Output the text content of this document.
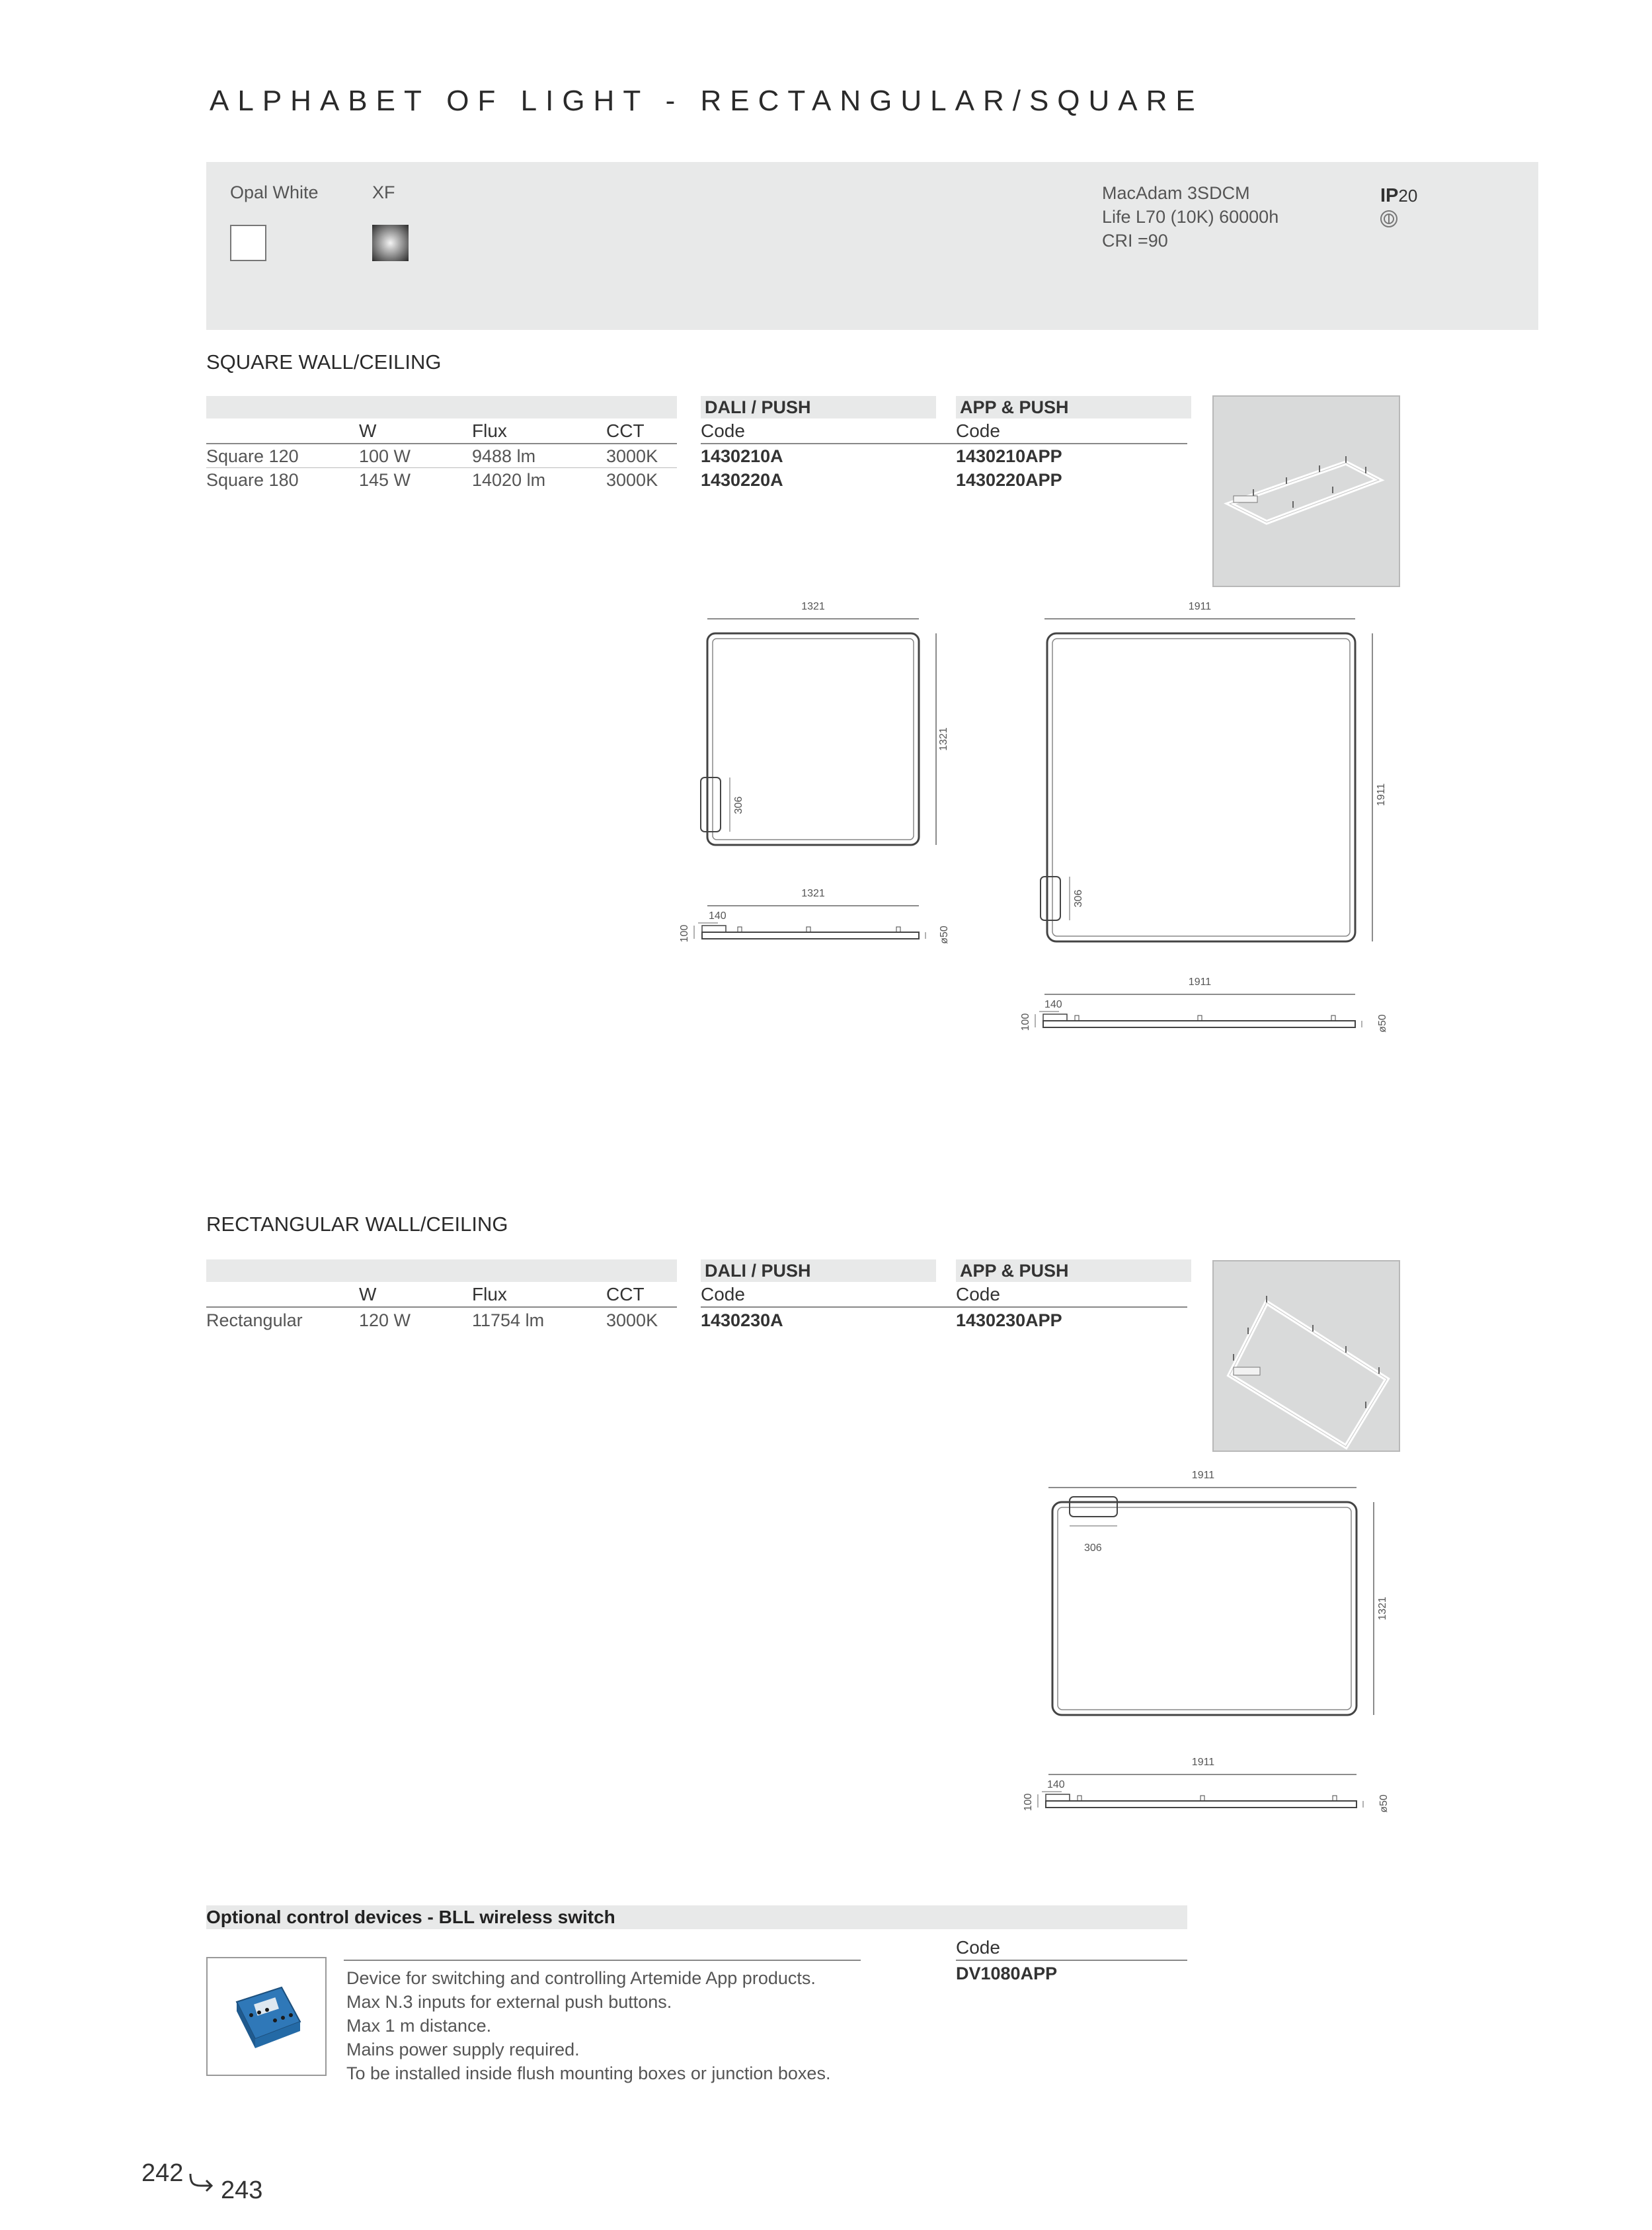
ALPHABET OF LIGHT - RECTANGULAR/SQUARE
Opal White	XF	MacAdam 3SDCM
Life L70 (10K) 60000h
CRI =90
IP20
SQUARE WALL/CEILING
DALI / PUSH	APP & PUSH
W	Flux	CCT	Code	Code
Square 120	100 W	9488 lm	3000K 1430210A	1430210APP
Square 180	145 W	14020 lm	3000K 1430220A	1430220APP
1321
1321
306
1321
140
100	ø50
1911
1911
306
1911
140
100	ø50
RECTANGULAR WALL/CEILING
DALI / PUSH	APP & PUSH
W	Flux	CCT	Code	Code
Rectangular	120 W	11754 lm	3000K 1430230A	1430230APP
1911
306
1321
1911
140
100	ø50
Optional control devices - BLL wireless switch
Code
DV1080APP
Device for switching and controlling Artemide App products.
Max N.3 inputs for external push buttons.
Max 1 m distance.
Mains power supply required.
To be installed inside flush mounting boxes or junction boxes.
242
243
